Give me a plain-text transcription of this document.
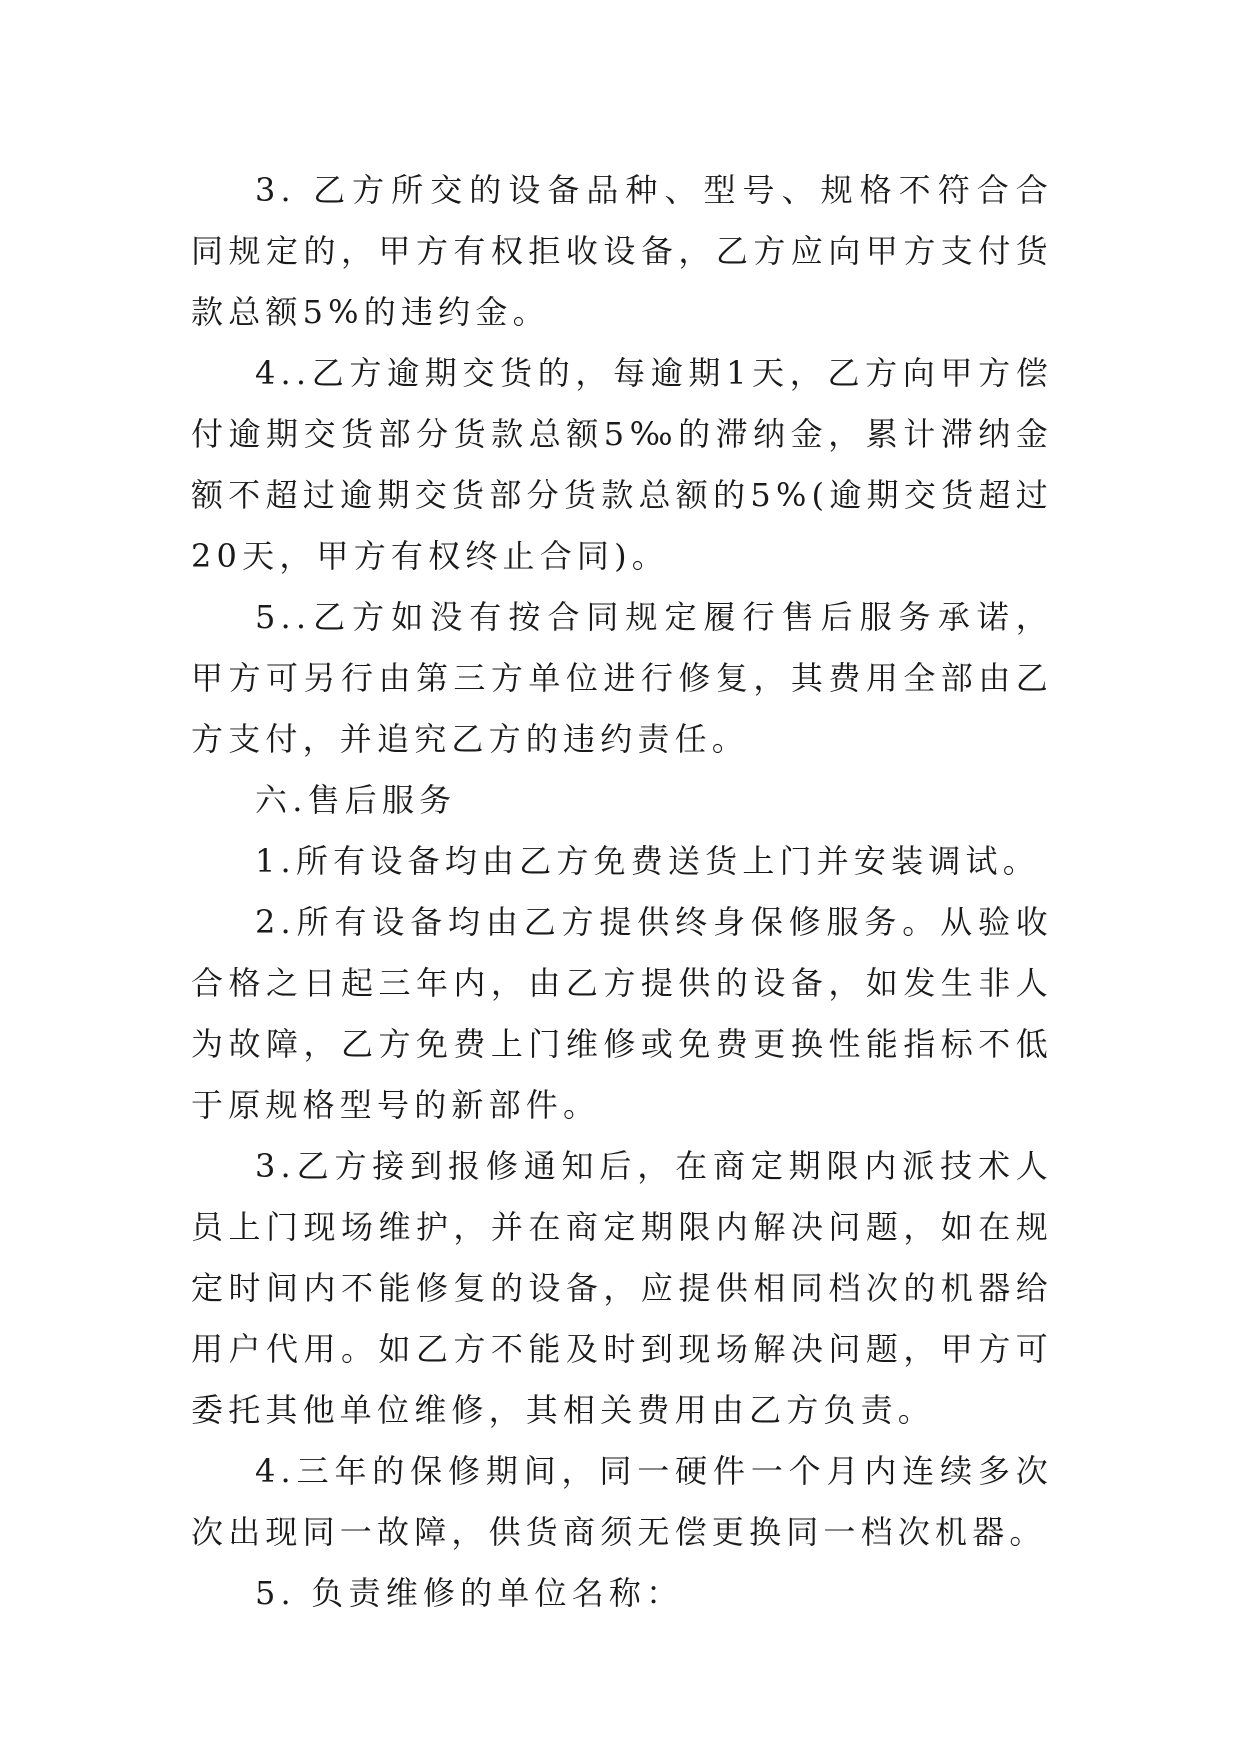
3. 乙方所交的设备品种、型号、规格不符合合同规定的，甲方有权拒收设备，乙方应向甲方支付货款总额5%的违约金。

4..乙方逾期交货的，每逾期1天，乙方向甲方偿付逾期交货部分货款总额5‰的滞纳金，累计滞纳金额不超过逾期交货部分货款总额的5%(逾期交货超过20天，甲方有权终止合同)。

5..乙方如没有按合同规定履行售后服务承诺，甲方可另行由第三方单位进行修复，其费用全部由乙方支付，并追究乙方的违约责任。

六.售后服务

1.所有设备均由乙方免费送货上门并安装调试。

2.所有设备均由乙方提供终身保修服务。从验收合格之日起三年内，由乙方提供的设备，如发生非人为故障，乙方免费上门维修或免费更换性能指标不低于原规格型号的新部件。

3.乙方接到报修通知后，在商定期限内派技术人员上门现场维护，并在商定期限内解决问题，如在规定时间内不能修复的设备，应提供相同档次的机器给用户代用。如乙方不能及时到现场解决问题，甲方可委托其他单位维修，其相关费用由乙方负责。

4.三年的保修期间，同一硬件一个月内连续多次次出现同一故障，供货商须无偿更换同一档次机器。

5. 负责维修的单位名称：
